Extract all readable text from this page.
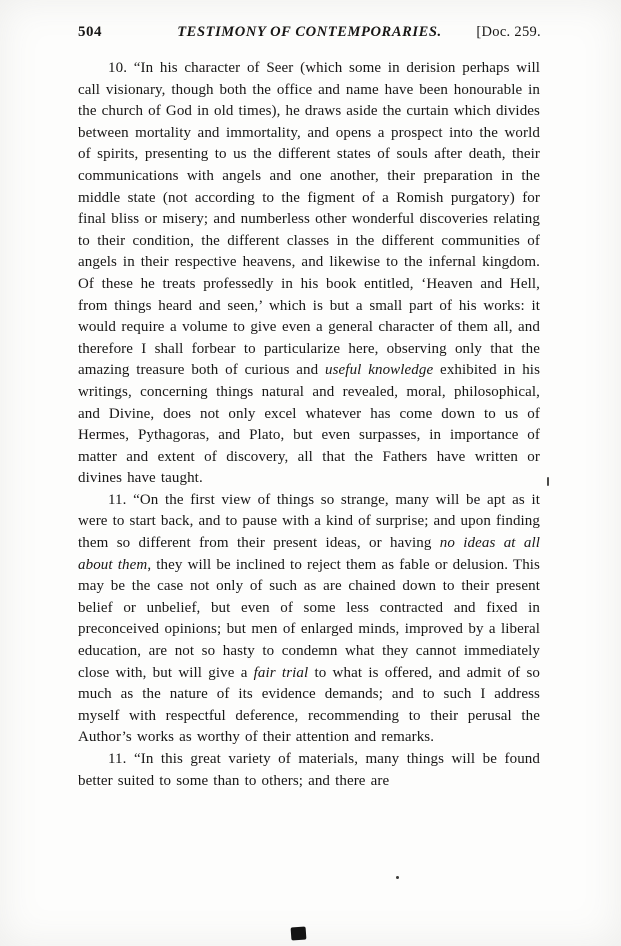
504	TESTIMONY OF CONTEMPORARIES. [Doc. 259.

10. “In his character of Seer (which some in derision perhaps will call visionary, though both the office and name have been honourable in the church of God in old times), he draws aside the curtain which divides between mortality and immortality, and opens a prospect into the world of spirits, presenting to us the different states of souls after death, their communications with angels and one another, their preparation in the middle state (not according to the figment of a Romish purgatory) for final bliss or misery; and numberless other wonderful discoveries relating to their condition, the different classes in the different communities of angels in their respective heavens, and likewise to the infernal kingdom. Of these he treats professedly in his book entitled, ‘Heaven and Hell, from things heard and seen,’ which is but a small part of his works: it would require a volume to give even a general character of them all, and therefore I shall forbear to particularize here, observing only that the amazing treasure both of curious and useful knowledge exhibited in his writings, concerning things natural and revealed, moral, philosophical, and Divine, does not only excel whatever has come down to us of Hermes, Pythagoras, and Plato, but even surpasses, in importance of matter and extent of discovery, all that the Fathers have written or divines have taught.

11. “On the first view of things so strange, many will be apt as it were to start back, and to pause with a kind of surprise; and upon finding them so different from their present ideas, or having no ideas at all about them, they will be inclined to reject them as fable or delusion. This may be the case not only of such as are chained down to their present belief or unbelief, but even of some less contracted and fixed in preconceived opinions; but men of enlarged minds, improved by a liberal education, are not so hasty to condemn what they cannot immediately close with, but will give a fair trial to what is offered, and admit of so much as the nature of its evidence demands; and to such I address myself with respectful deference, recommending to their perusal the Author’s works as worthy of their attention and remarks.

11. “In this great variety of materials, many things will be found better suited to some than to others; and there are
